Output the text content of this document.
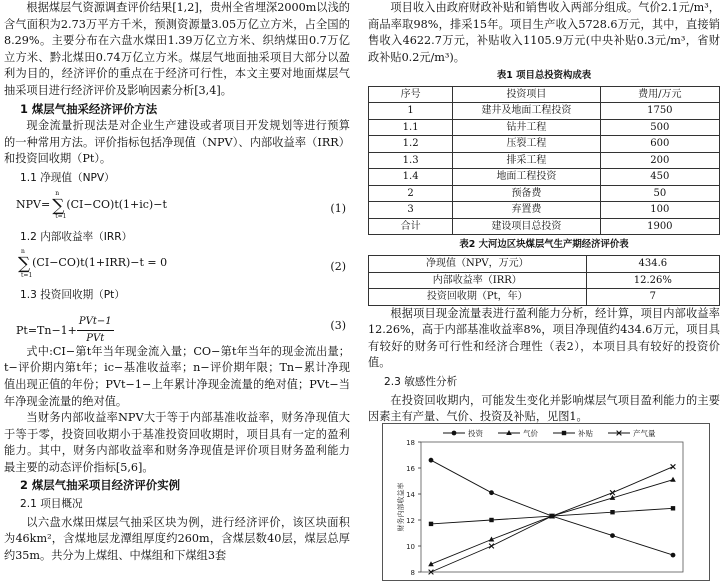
根据煤层气资源调查评价结果[1,2]，贵州全省埋深2000m以浅的含气面积为2.73万平方千米，预测资源量3.05万亿立方米，占全国的8.29%。主要分布在六盘水煤田1.39万亿立方米、织纳煤田0.7万亿立方米、黔北煤田0.74万亿立方米。煤层气地面抽采项目大部分以盈利为目的，经济评价的重点在于经济可行性，本文主要对地面煤层气抽采项目进行经济评价及影响因素分析[3,4]。

1 煤层气抽采经济评价方法

现金流量折现法是对企业生产建设或者项目开发规划等进行预算的一种常用方法。评价指标包括净现值（NPV）、内部收益率（IRR）和投资回收期（Pt）。

1.1 净现值（NPV）
NPV= ∑
n
t=1
(CI−CO)t(1+ic)−t	(1)
1.2 内部收益率（IRR）
∑
n
t=1
(CI−CO)t(1+IRR)−t = 0	(2)
1.3 投资回收期（Pt）
$Pt=Tn-1+ \frac{\text{PVt−1}}{\text{PVt}}$	(3)

式中:CI−第t年当年现金流入量；CO−第t年当年的现金流出量；t−评价期内第t年；ic−基准收益率；n−评价期年限；Tn−累计净现值出现正值的年份；PVt−1−上年累计净现金流量的绝对值；PVt−当年净现金流量的绝对值。

当财务内部收益率NPV大于等于内部基准收益率，财务净现值大于等于零，投资回收期小于基准投资回收期时，项目具有一定的盈利能力。其中，财务内部收益率和财务净现值是评价项目财务盈利能力最主要的动态评价指标[5,6]。

2 煤层气抽采项目经济评价实例
2.1 项目概况

以六盘水煤田煤层气抽采区块为例，进行经济评价，该区块面积为46km²，含煤地层龙潭组厚度约260m，含煤层数40层，煤层总厚约35m。共分为上煤组、中煤组和下煤组3套

项目收入由政府财政补贴和销售收入两部分组成。气价2.1元/m³，商品率取98%，排采15年。项目生产收入5728.6万元，其中，直接销售收入4622.7万元，补贴收入1105.9万元(中央补贴0.3元/m³，省财政补贴0.2元/m³)。

表1 项目总投资构成表
序号	投资项目	费用/万元
1	建井及地面工程投资	1750
1.1	钻井工程	500
1.2	压裂工程	600
1.3	排采工程	200
1.4	地面工程投资	450
2	预备费	50
3	弃置费	100
合计	建设项目总投资	1900
表2 大河边区块煤层气生产期经济评价表
净现值（NPV，万元）	434.6
内部收益率（IRR）	12.26%
投资回收期（Pt，年）	7

根据项目现金流量表进行盈利能力分析，经计算，项目内部收益率12.26%，高于内部基准收益率8%，项目净现值约434.6万元，项目具有较好的财务可行性和经济合理性（表2），本项目具有较好的投资价值。

2.3 敏感性分析

在投资回收期内，可能发生变化并影响煤层气项目盈利能力的主要因素主有产量、气价、投资及补贴，见图1。

8
10
12
14
16
18
财务内部收益率
投资	气价	补贴	产气量
